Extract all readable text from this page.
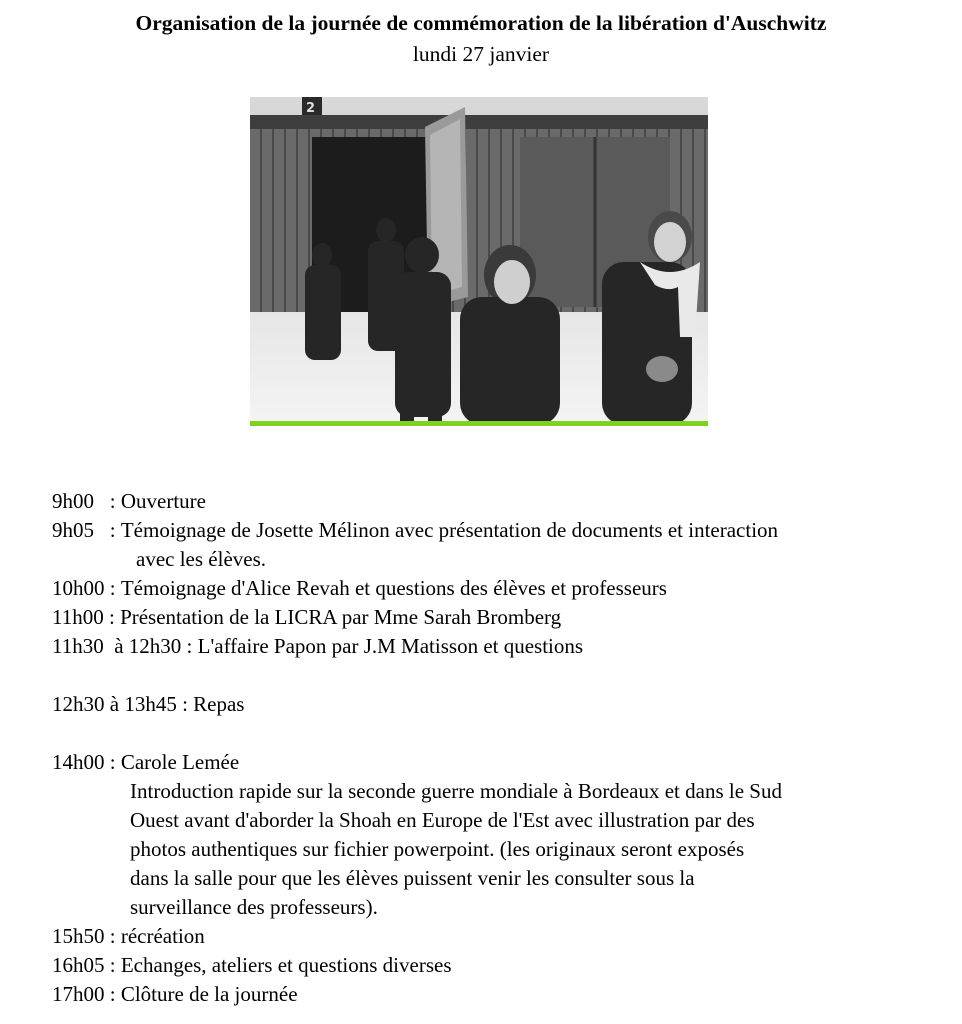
Organisation de la journée de commémoration de la libération d'Auschwitz
lundi 27 janvier
2
9h00   : Ouverture
9h05   : Témoignage de Josette Mélinon avec présentation de documents et interaction
avec les élèves.
10h00 : Témoignage d'Alice Revah et questions des élèves et professeurs
11h00 : Présentation de la LICRA par Mme Sarah Bromberg
11h30  à 12h30 : L'affaire Papon par J.M Matisson et questions
12h30 à 13h45 : Repas
14h00 : Carole Lemée
Introduction rapide sur la seconde guerre mondiale à Bordeaux et dans le Sud
Ouest avant d'aborder la Shoah en Europe de l'Est avec illustration par des
photos authentiques sur fichier powerpoint. (les originaux seront exposés
dans la salle pour que les élèves puissent venir les consulter sous la
surveillance des professeurs).
15h50 : récréation
16h05 : Echanges, ateliers et questions diverses
17h00 : Clôture de la journée
